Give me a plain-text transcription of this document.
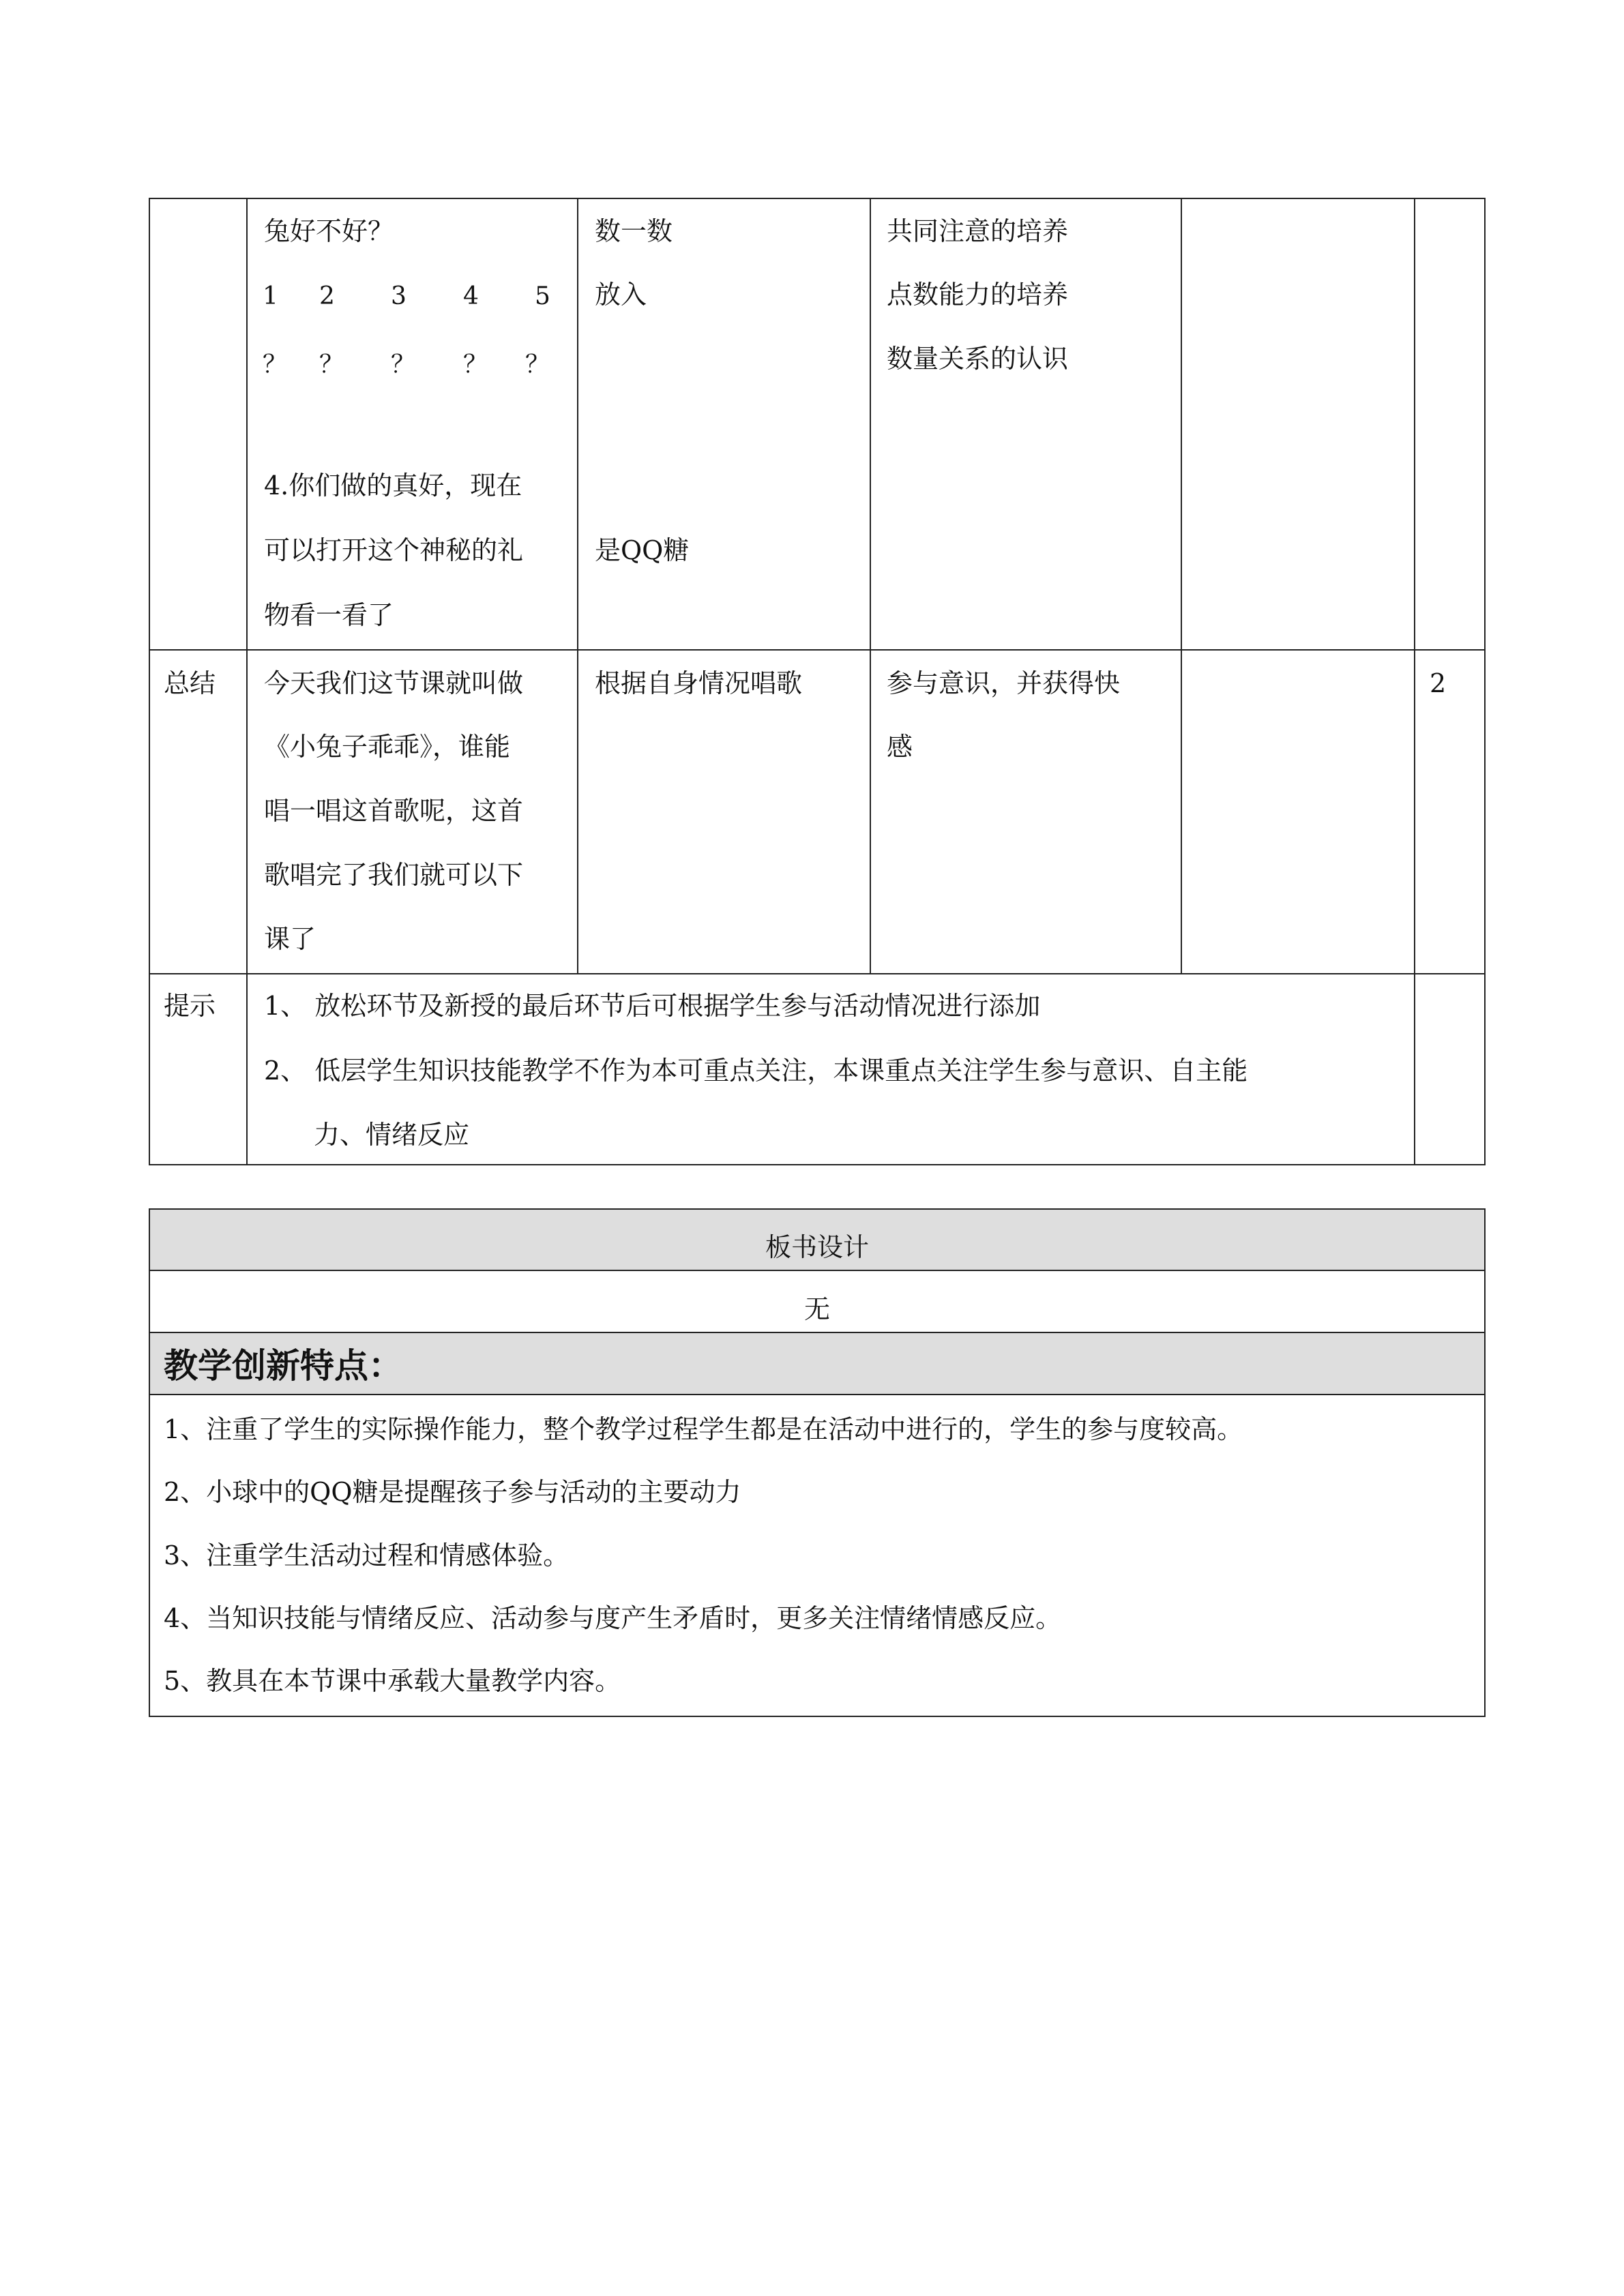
兔好不好？
1 2 3 4 5
？ ？ ？ ？ ？
4.你们做的真好，现在
可以打开这个神秘的礼
物看一看了
数一数
放入
是QQ糖
共同注意的培养
点数能力的培养
数量关系的认识
总结 今天我们这节课就叫做
《小兔子乖乖》，谁能
唱一唱这首歌呢，这首
歌唱完了我们就可以下
课了
根据自身情况唱歌	参与意识，并获得快
感
2
提示 1、 放松环节及新授的最后环节后可根据学生参与活动情况进行添加
2、 低层学生知识技能教学不作为本可重点关注，本课重点关注学生参与意识、自主能
力、情绪反应
板书设计
无
教学创新特点：
1、注重了学生的实际操作能力，整个教学过程学生都是在活动中进行的，学生的参与度较高。
2、小球中的QQ糖是提醒孩子参与活动的主要动力
3、注重学生活动过程和情感体验。
4、当知识技能与情绪反应、活动参与度产生矛盾时，更多关注情绪情感反应。
5、教具在本节课中承载大量教学内容。
